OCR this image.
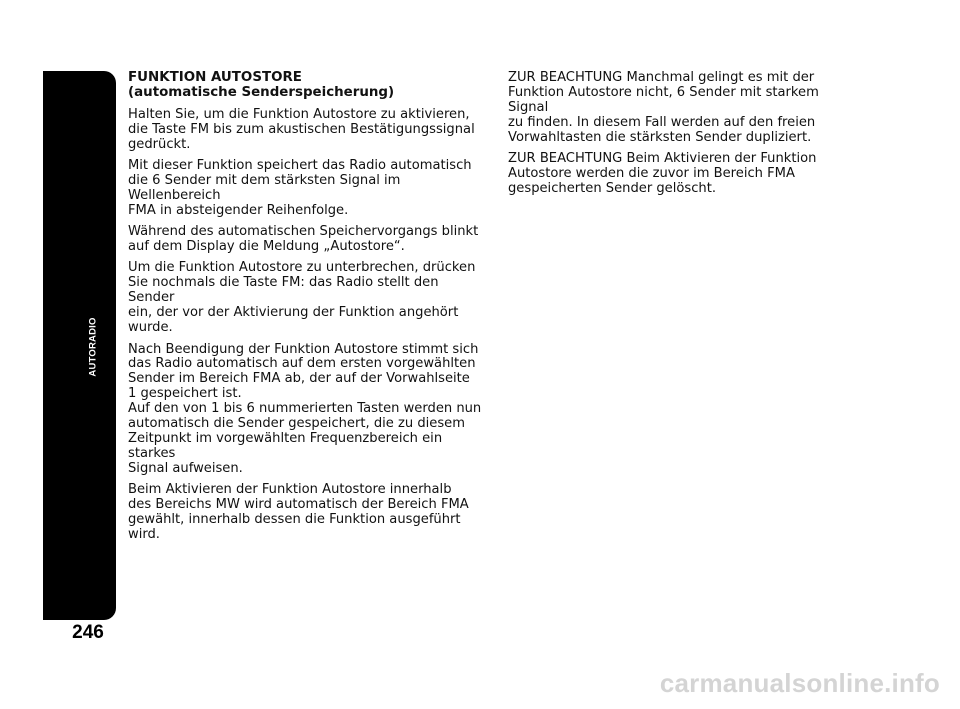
AUTORADIO
246
FUNKTION AUTOSTORE
(automatische Senderspeicherung)

Halten Sie, um die Funktion Autostore zu aktivieren,
die Taste FM bis zum akustischen Bestätigungssignal
gedrückt.

Mit dieser Funktion speichert das Radio automatisch
die 6 Sender mit dem stärksten Signal im Wellenbereich
FMA in absteigender Reihenfolge.

Während des automatischen Speichervorgangs blinkt
auf dem Display die Meldung „Autostore“.

Um die Funktion Autostore zu unterbrechen, drücken
Sie nochmals die Taste FM: das Radio stellt den Sender
ein, der vor der Aktivierung der Funktion angehört
wurde.

Nach Beendigung der Funktion Autostore stimmt sich
das Radio automatisch auf dem ersten vorgewählten
Sender im Bereich FMA ab, der auf der Vorwahlseite
1 gespeichert ist.
Auf den von 1 bis 6 nummerierten Tasten werden nun
automatisch die Sender gespeichert, die zu diesem
Zeitpunkt im vorgewählten Frequenzbereich ein starkes
Signal aufweisen.

Beim Aktivieren der Funktion Autostore innerhalb
des Bereichs MW wird automatisch der Bereich FMA
gewählt, innerhalb dessen die Funktion ausgeführt wird.

ZUR BEACHTUNG Manchmal gelingt es mit der
Funktion Autostore nicht, 6 Sender mit starkem Signal
zu finden. In diesem Fall werden auf den freien
Vorwahltasten die stärksten Sender dupliziert.

ZUR BEACHTUNG Beim Aktivieren der Funktion
Autostore werden die zuvor im Bereich FMA
gespeicherten Sender gelöscht.

carmanualsonline.info
